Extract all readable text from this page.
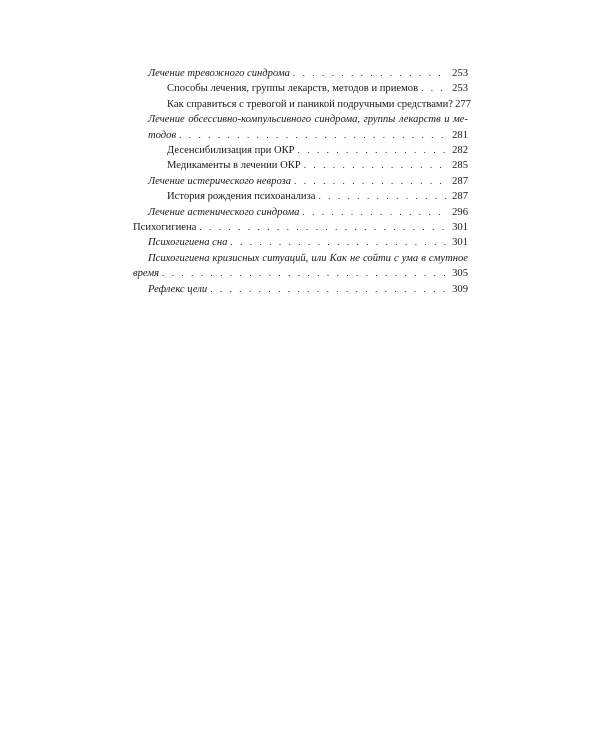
Лечение тревожного синдрома . . .	253
Способы лечения, группы лекарств, методов и приемов . . .	253
Как справиться с тревогой и паникой подручными средствами? 277
Лечение обсессивно-компульсивного синдрома, группы лекарств и ме-
тодов . . .	281
Десенсибилизация при ОКР . . .	282
Медикаменты в лечении ОКР . . .	285
Лечение истерического невроза . . .	287
История рождения психоанализа . . .	287
Лечение астенического синдрома . . .	296
Психогигиена . . .	301
Психогигиена сна . . .	301
Психогигиена кризисных ситуаций, или Как не сойти с ума в смутное
время . . .	305
Рефлекс цели . . .	309
